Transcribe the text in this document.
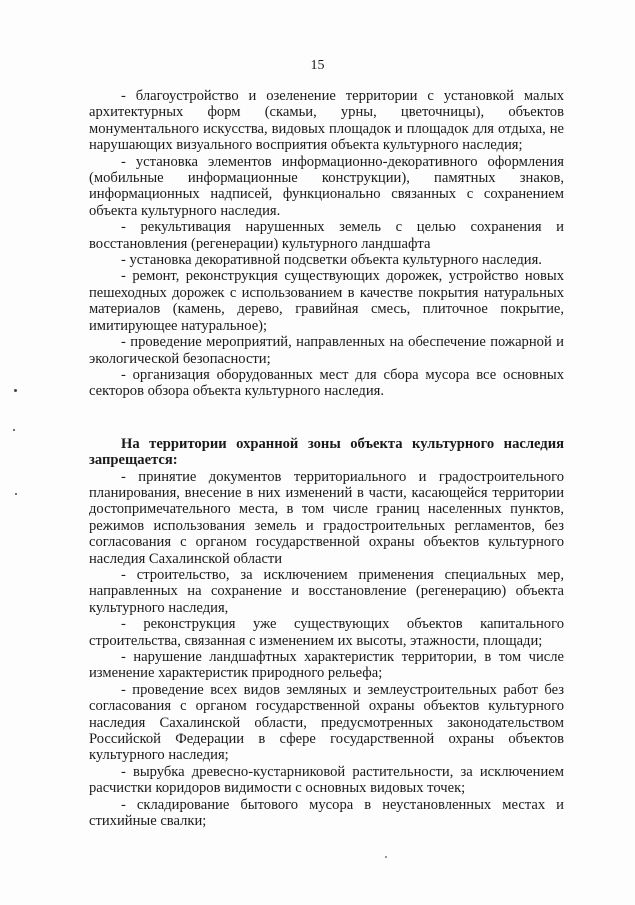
15

- благоустройство и озеленение территории с установкой малых архитектурных форм (скамьи, урны, цветочницы), объектов монументального искусства, видовых площадок и площадок для отдыха, не нарушающих визуального восприятия объекта культурного наследия;

- установка элементов информационно-декоративного оформления (мобильные информационные конструкции), памятных знаков, информационных надписей, функционально связанных с сохранением объекта культурного наследия.

- рекультивация нарушенных земель с целью сохранения и восстановления (регенерации) культурного ландшафта

- установка декоративной подсветки объекта культурного наследия.

- ремонт, реконструкция существующих дорожек, устройство новых пешеходных дорожек с использованием в качестве покрытия натуральных материалов (камень, дерево, гравийная смесь, плиточное покрытие, имитирующее натуральное);

- проведение мероприятий, направленных на обеспечение пожарной и экологической безопасности;

- организация оборудованных мест для сбора мусора все основных секторов обзора объекта культурного наследия.

На территории охранной зоны объекта культурного наследия запрещается:

- принятие документов территориального и градостроительного планирования, внесение в них изменений в части, касающейся территории достопримечательного места, в том числе границ населенных пунктов, режимов использования земель и градостроительных регламентов, без согласования с органом государственной охраны объектов культурного наследия Сахалинской области

- строительство, за исключением применения специальных мер, направленных на сохранение и восстановление (регенерацию) объекта культурного наследия,

- реконструкция уже существующих объектов капитального строительства, связанная с изменением их высоты, этажности, площади;

- нарушение ландшафтных характеристик территории, в том числе изменение характеристик природного рельефа;

- проведение всех видов земляных и землеустроительных работ без согласования с органом государственной охраны объектов культурного наследия Сахалинской области, предусмотренных законодательством Российской Федерации в сфере государственной охраны объектов культурного наследия;

- вырубка древесно-кустарниковой растительности, за исключением расчистки коридоров видимости с основных видовых точек;

- складирование бытового мусора в неустановленных местах и стихийные свалки;
